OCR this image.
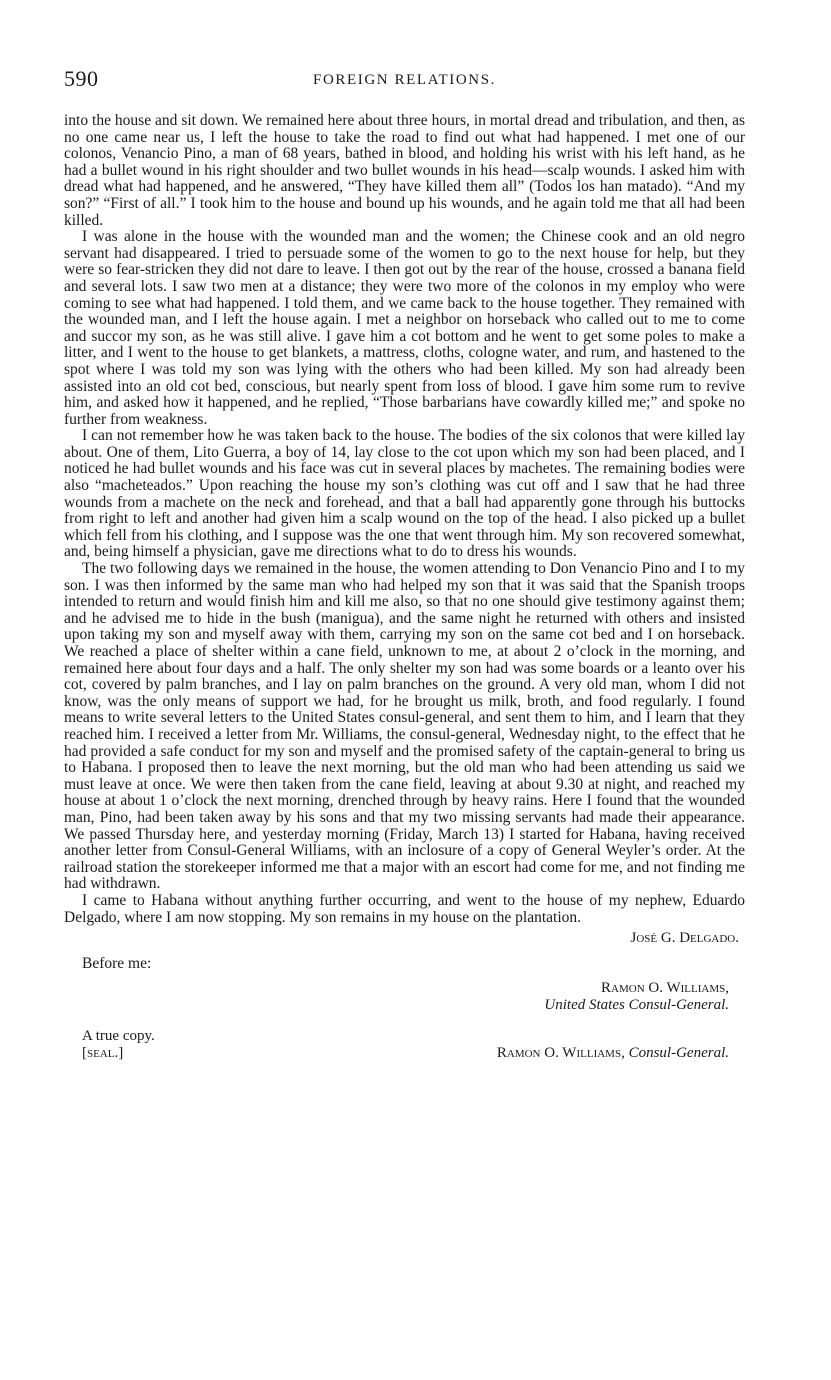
590	FOREIGN RELATIONS.

into the house and sit down. We remained here about three hours, in mortal dread and tribulation, and then, as no one came near us, I left the house to take the road to find out what had happened. I met one of our colonos, Venancio Pino, a man of 68 years, bathed in blood, and holding his wrist with his left hand, as he had a bullet wound in his right shoulder and two bullet wounds in his head—scalp wounds. I asked him with dread what had happened, and he answered, “They have killed them all” (Todos los han matado). “And my son?” “First of all.” I took him to the house and bound up his wounds, and he again told me that all had been killed.

I was alone in the house with the wounded man and the women; the Chinese cook and an old negro servant had disappeared. I tried to persuade some of the women to go to the next house for help, but they were so fear-stricken they did not dare to leave. I then got out by the rear of the house, crossed a banana field and several lots. I saw two men at a distance; they were two more of the colonos in my employ who were coming to see what had happened. I told them, and we came back to the house together. They remained with the wounded man, and I left the house again. I met a neighbor on horseback who called out to me to come and succor my son, as he was still alive. I gave him a cot bottom and he went to get some poles to make a litter, and I went to the house to get blankets, a mattress, cloths, cologne water, and rum, and hastened to the spot where I was told my son was lying with the others who had been killed. My son had already been assisted into an old cot bed, conscious, but nearly spent from loss of blood. I gave him some rum to revive him, and asked how it happened, and he replied, “Those barbarians have cowardly killed me;” and spoke no further from weakness.

I can not remember how he was taken back to the house. The bodies of the six colonos that were killed lay about. One of them, Lito Guerra, a boy of 14, lay close to the cot upon which my son had been placed, and I noticed he had bullet wounds and his face was cut in several places by machetes. The remaining bodies were also “macheteados.” Upon reaching the house my son’s clothing was cut off and I saw that he had three wounds from a machete on the neck and forehead, and that a ball had apparently gone through his buttocks from right to left and another had given him a scalp wound on the top of the head. I also picked up a bullet which fell from his clothing, and I suppose was the one that went through him. My son recovered somewhat, and, being himself a physician, gave me directions what to do to dress his wounds.

The two following days we remained in the house, the women attending to Don Venancio Pino and I to my son. I was then informed by the same man who had helped my son that it was said that the Spanish troops intended to return and would finish him and kill me also, so that no one should give testimony against them; and he advised me to hide in the bush (manigua), and the same night he returned with others and insisted upon taking my son and myself away with them, carrying my son on the same cot bed and I on horseback. We reached a place of shelter within a cane field, unknown to me, at about 2 o’clock in the morning, and remained here about four days and a half. The only shelter my son had was some boards or a leanto over his cot, covered by palm branches, and I lay on palm branches on the ground. A very old man, whom I did not know, was the only means of support we had, for he brought us milk, broth, and food regularly. I found means to write several letters to the United States consul-general, and sent them to him, and I learn that they reached him. I received a letter from Mr. Williams, the consul-general, Wednesday night, to the effect that he had provided a safe conduct for my son and myself and the promised safety of the captain-general to bring us to Habana. I proposed then to leave the next morning, but the old man who had been attending us said we must leave at once. We were then taken from the cane field, leaving at about 9.30 at night, and reached my house at about 1 o’clock the next morning, drenched through by heavy rains. Here I found that the wounded man, Pino, had been taken away by his sons and that my two missing servants had made their appearance. We passed Thursday here, and yesterday morning (Friday, March 13) I started for Habana, having received another letter from Consul-General Williams, with an inclosure of a copy of General Weyler’s order. At the railroad station the storekeeper informed me that a major with an escort had come for me, and not finding me had withdrawn.

I came to Habana without anything further occurring, and went to the house of my nephew, Eduardo Delgado, where I am now stopping. My son remains in my house on the plantation.

José G. Delgado.
Before me:
Ramon O. Williams,
United States Consul-General.
A true copy.
[seal.]	Ramon O. Williams, Consul-General.
